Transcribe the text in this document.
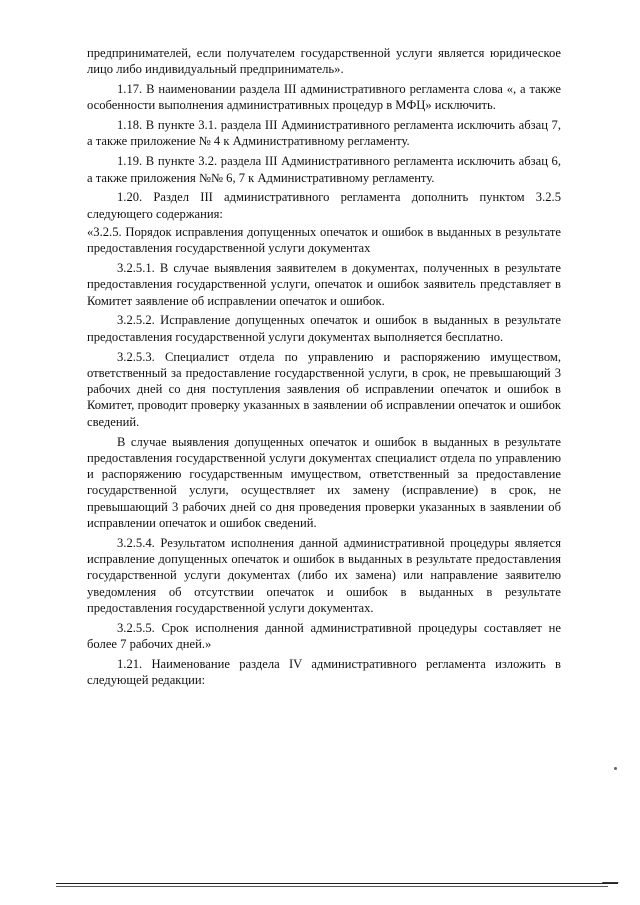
предпринимателей, если получателем государственной услуги является юридическое лицо либо индивидуальный предприниматель».

1.17. В наименовании раздела III административного регламента слова «, а также особенности выполнения административных процедур в МФЦ» исключить.

1.18. В пункте 3.1. раздела III Административного регламента исключить абзац 7, а также приложение № 4 к Административному регламенту.

1.19. В пункте 3.2. раздела III Административного регламента исключить абзац 6, а также приложения №№ 6, 7 к Административному регламенту.

1.20. Раздел III административного регламента дополнить пунктом 3.2.5 следующего содержания:

«3.2.5. Порядок исправления допущенных опечаток и ошибок в выданных в результате предоставления государственной услуги документах

3.2.5.1. В случае выявления заявителем в документах, полученных в результате предоставления государственной услуги, опечаток и ошибок заявитель представляет в Комитет заявление об исправлении опечаток и ошибок.

3.2.5.2. Исправление допущенных опечаток и ошибок в выданных в результате предоставления государственной услуги документах выполняется бесплатно.

3.2.5.3. Специалист отдела по управлению и распоряжению имуществом, ответственный за предоставление государственной услуги, в срок, не превышающий 3 рабочих дней со дня поступления заявления об исправлении опечаток и ошибок в Комитет, проводит проверку указанных в заявлении об исправлении опечаток и ошибок сведений.

В случае выявления допущенных опечаток и ошибок в выданных в результате предоставления государственной услуги документах специалист отдела по управлению и распоряжению государственным имуществом, ответственный за предоставление государственной услуги, осуществляет их замену (исправление) в срок, не превышающий 3 рабочих дней со дня проведения проверки указанных в заявлении об исправлении опечаток и ошибок сведений.

3.2.5.4. Результатом исполнения данной административной процедуры является исправление допущенных опечаток и ошибок в выданных в результате предоставления государственной услуги документах (либо их замена) или направление заявителю уведомления об отсутствии опечаток и ошибок в выданных в результате предоставления государственной услуги документах.

3.2.5.5. Срок исполнения данной административной процедуры составляет не более 7 рабочих дней.»

1.21. Наименование раздела IV административного регламента изложить в следующей редакции:
